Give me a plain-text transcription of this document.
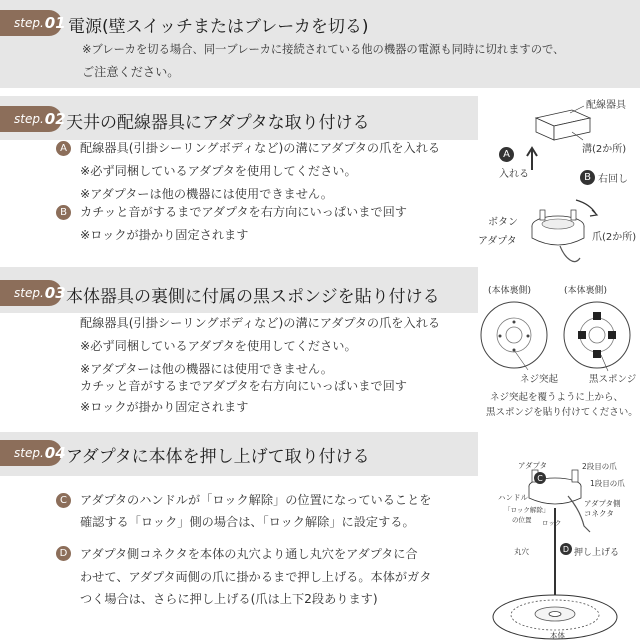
step. 01 電源(壁スイッチまたはブレーカを切る)
※ブレーカを切る場合、同一ブレーカに接続されている他の機器の電源も同時に切れますので、
ご注意ください。
step. 02 天井の配線器具にアダプタな取り付ける
A	配線器具(引掛シーリングボディなど)の溝にアダプタの爪を入れる
※必ず同梱しているアダプタを使用してください。
※アダプターは他の機器には使用できません。
B	カチッと音がするまでアダプタを右方向にいっぱいまで回す
※ロックが掛かり固定されます
配線器具
溝(2か所)
A
入れる	B 右回し
ボタン
アダプタ	爪(2か所)
step. 03 本体器具の裏側に付属の黒スポンジを貼り付ける
配線器具(引掛シーリングボディなど)の溝にアダプタの爪を入れる
※必ず同梱しているアダプタを使用してください。
※アダプターは他の機器には使用できません。
カチッと音がするまでアダプタを右方向にいっぱいまで回す
※ロックが掛かり固定されます
(本体裏側)	(本体裏側)
ネジ突起	黒スポンジ
ネジ突起を覆うように上から、
黒スポンジを貼り付けてください。
step. 04 アダプタに本体を押し上げて取り付ける
C	アダプタのハンドルが「ロック解除」の位置になっていることを
確認する「ロック」側の場合は、「ロック解除」に設定する。
D アダプタ側コネクタを本体の丸穴より通し丸穴をアダプタに合
わせて、アダプタ両側の爪に掛かるまで押し上げる。本体がガタ
つく場合は、さらに押し上げる(爪は上下2段あります)
アダプタ	2段目の爪
1段目の爪
ハンドル
C
「ロック解除」
の位置 ロック
アダプタ側
コネクタ
丸穴	D 押し上げる
本体
